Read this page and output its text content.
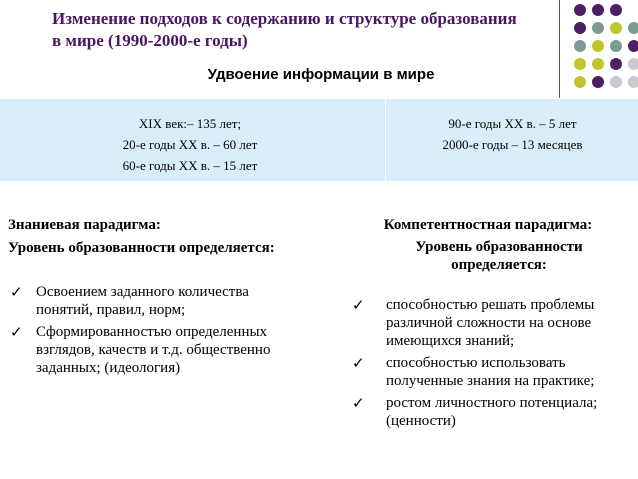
Изменение подходов к содержанию и структуре образования в мире (1990-2000-е годы)
Удвоение информации в мире
XIX век:– 135 лет;
20-е годы XX в. – 60 лет
60-е годы XX в. – 15 лет
90-е годы XX в. – 5 лет
2000-е годы – 13 месяцев
Знаниевая парадигма:
Уровень образованности определяется:
✓ Освоением заданного количества понятий, правил, норм;
✓ Сформированностью определенных взглядов, качеств и т.д. общественно заданных; (идеология)
Компетентностная парадигма:
Уровень образованности определяется:
✓ способностью решать проблемы различной сложности на основе имеющихся знаний;
✓ способностью использовать полученные знания на практике;
✓ ростом личностного потенциала; (ценности)
